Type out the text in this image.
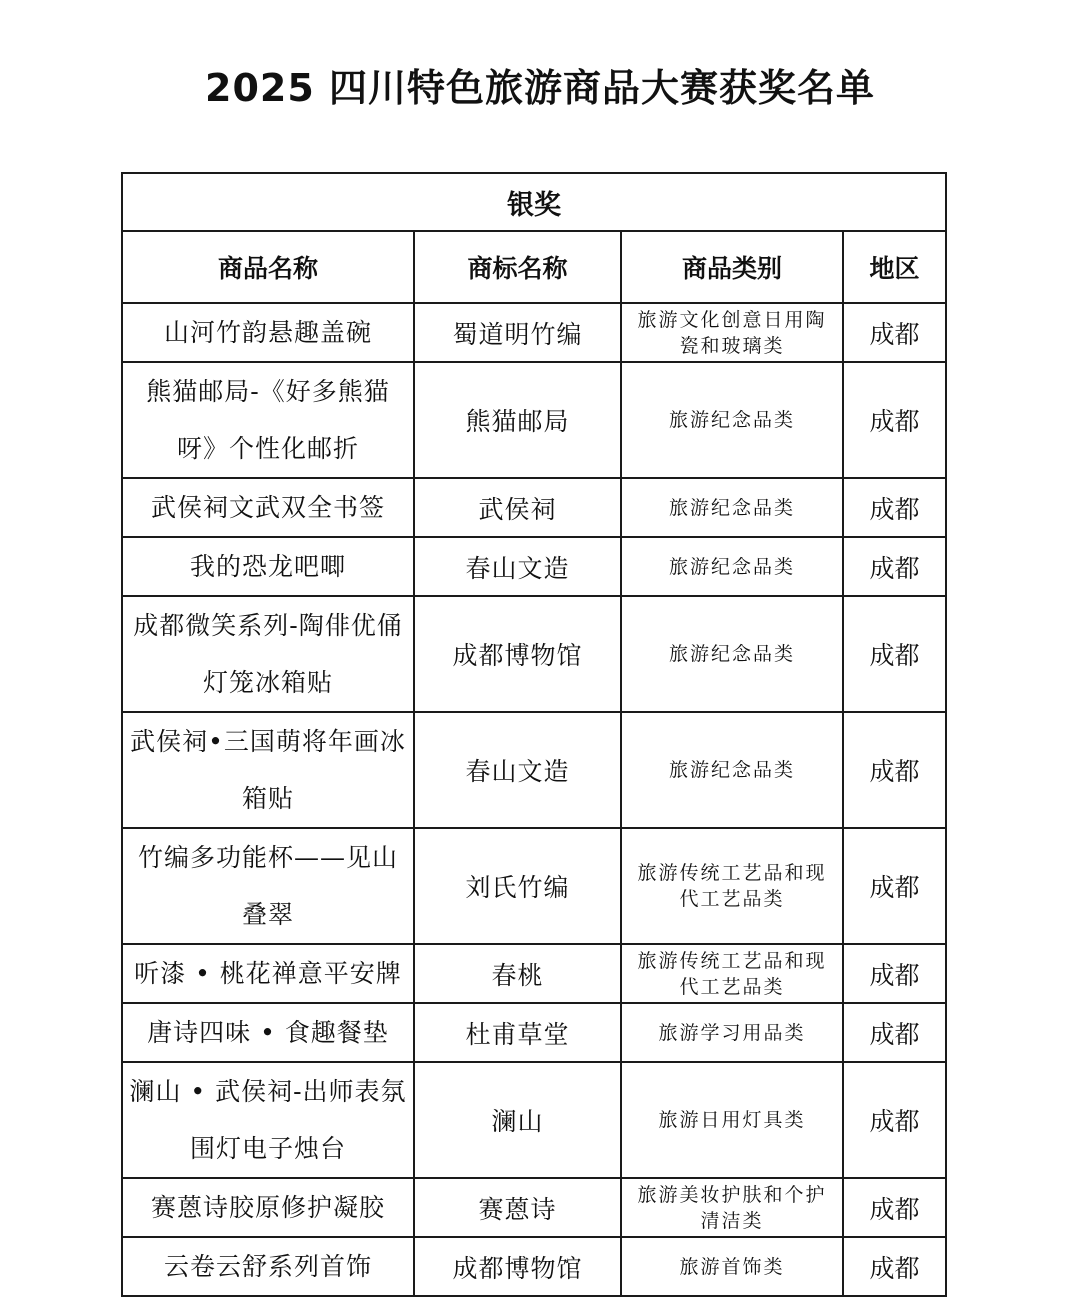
2025 四川特色旅游商品大赛获奖名单
银奖			
商品名称	商标名称	商品类别	地区
山河竹韵悬趣盖碗	蜀道明竹编	旅游文化创意日用陶瓷和玻璃类	成都
熊猫邮局-《好多熊猫呀》个性化邮折	熊猫邮局	旅游纪念品类	成都
武侯祠文武双全书签	武侯祠	旅游纪念品类	成都
我的恐龙吧唧	春山文造	旅游纪念品类	成都
成都微笑系列-陶俳优俑灯笼冰箱贴	成都博物馆	旅游纪念品类	成都
武侯祠•三国萌将年画冰箱贴	春山文造	旅游纪念品类	成都
竹编多功能杯——见山叠翠	刘氏竹编	旅游传统工艺品和现代工艺品类	成都
听漆 • 桃花禅意平安牌	春桃	旅游传统工艺品和现代工艺品类	成都
唐诗四味 • 食趣餐垫	杜甫草堂	旅游学习用品类	成都
澜山 • 武侯祠-出师表氛围灯电子烛台	澜山	旅游日用灯具类	成都
赛蒽诗胶原修护凝胶	赛蒽诗	旅游美妆护肤和个护清洁类	成都
云卷云舒系列首饰	成都博物馆	旅游首饰类	成都
